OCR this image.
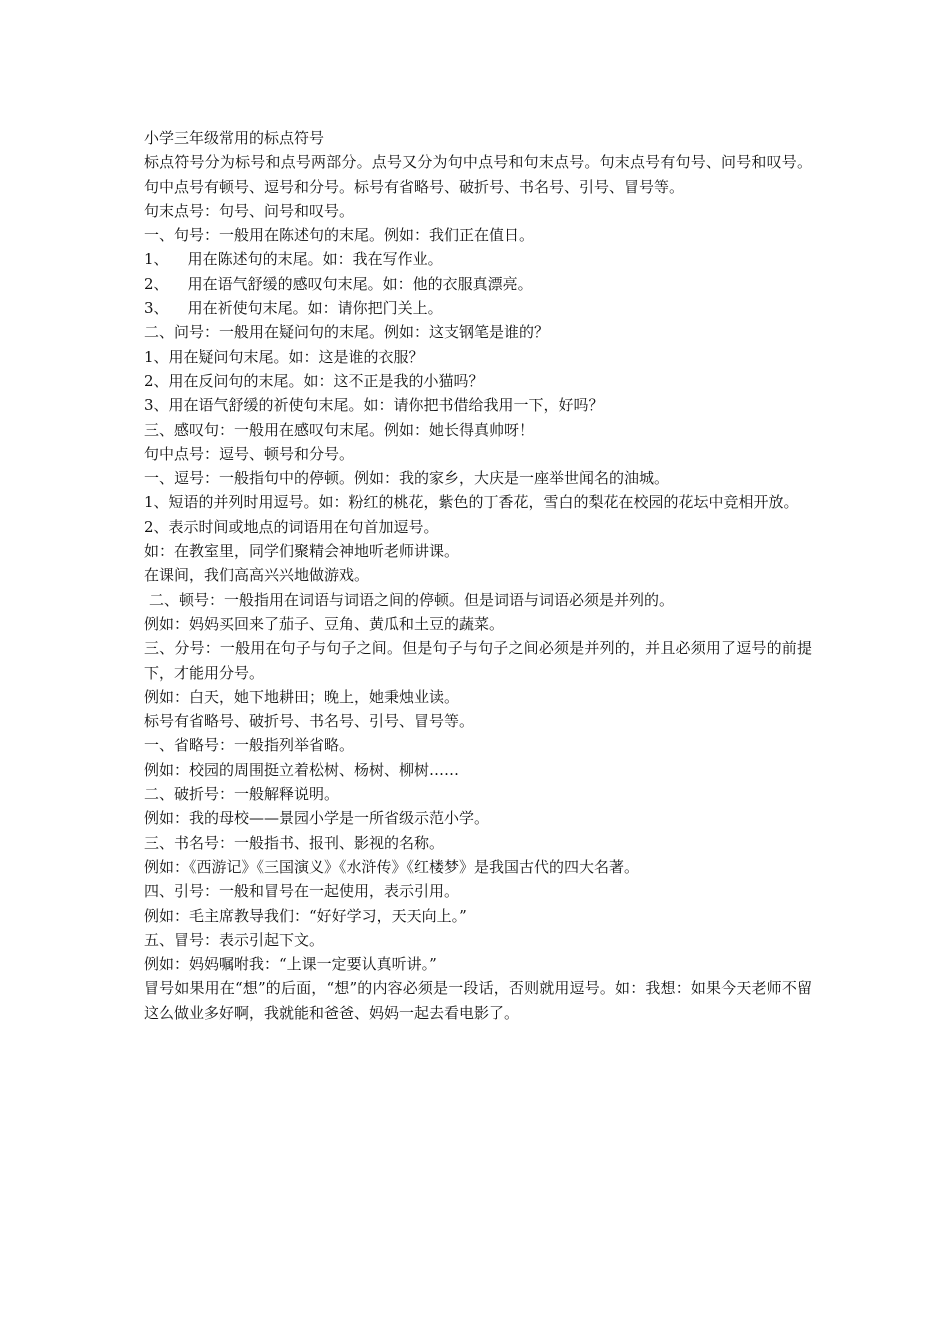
小学三年级常用的标点符号

标点符号分为标号和点号两部分。点号又分为句中点号和句末点号。句末点号有句号、问号和叹号。句中点号有顿号、逗号和分号。标号有省略号、破折号、书名号、引号、冒号等。

句末点号：句号、问号和叹号。

一、句号：一般用在陈述句的末尾。例如：我们正在值日。

1、    用在陈述句的末尾。如：我在写作业。

2、    用在语气舒缓的感叹句末尾。如：他的衣服真漂亮。

3、    用在祈使句末尾。如：请你把门关上。

二、问号：一般用在疑问句的末尾。例如：这支钢笔是谁的？

1、用在疑问句末尾。如：这是谁的衣服？

2、用在反问句的末尾。如：这不正是我的小猫吗？

3、用在语气舒缓的祈使句末尾。如：请你把书借给我用一下，好吗？

三、感叹句：一般用在感叹句末尾。例如：她长得真帅呀！

句中点号：逗号、顿号和分号。

一、逗号：一般指句中的停顿。例如：我的家乡，大庆是一座举世闻名的油城。

1、短语的并列时用逗号。如：粉红的桃花，紫色的丁香花，雪白的梨花在校园的花坛中竞相开放。

2、表示时间或地点的词语用在句首加逗号。

如：在教室里，同学们聚精会神地听老师讲课。

在课间，我们高高兴兴地做游戏。

二、顿号：一般指用在词语与词语之间的停顿。但是词语与词语必须是并列的。

例如：妈妈买回来了茄子、豆角、黄瓜和土豆的蔬菜。

三、分号：一般用在句子与句子之间。但是句子与句子之间必须是并列的，并且必须用了逗号的前提下，才能用分号。

例如：白天，她下地耕田；晚上，她秉烛业读。

标号有省略号、破折号、书名号、引号、冒号等。

一、省略号：一般指列举省略。

例如：校园的周围挺立着松树、杨树、柳树……

二、破折号：一般解释说明。

例如：我的母校——景园小学是一所省级示范小学。

三、书名号：一般指书、报刊、影视的名称。

例如：《西游记》《三国演义》《水浒传》《红楼梦》是我国古代的四大名著。

四、引号：一般和冒号在一起使用，表示引用。

例如：毛主席教导我们：“好好学习，天天向上。”

五、冒号：表示引起下文。

例如：妈妈嘱咐我：“上课一定要认真听讲。”

冒号如果用在“想”的后面，“想”的内容必须是一段话，否则就用逗号。如：我想：如果今天老师不留这么做业多好啊，我就能和爸爸、妈妈一起去看电影了。
